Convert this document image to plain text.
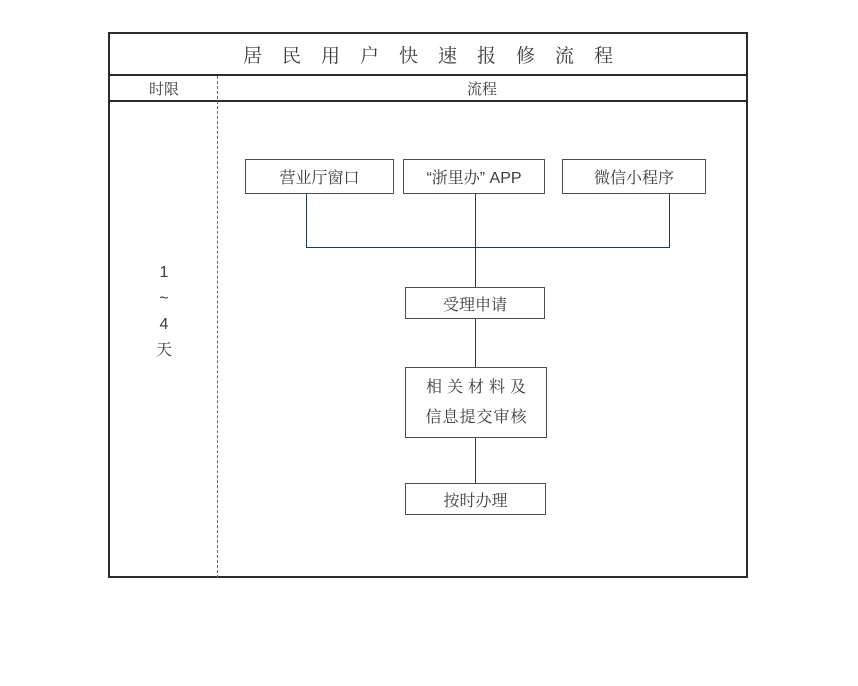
居民用户快速报修流程
时限	流程
1
~
4
天
营业厅窗口	“浙里办” APP	微信小程序
受理申请
相关材料及
信息提交审核
按时办理
